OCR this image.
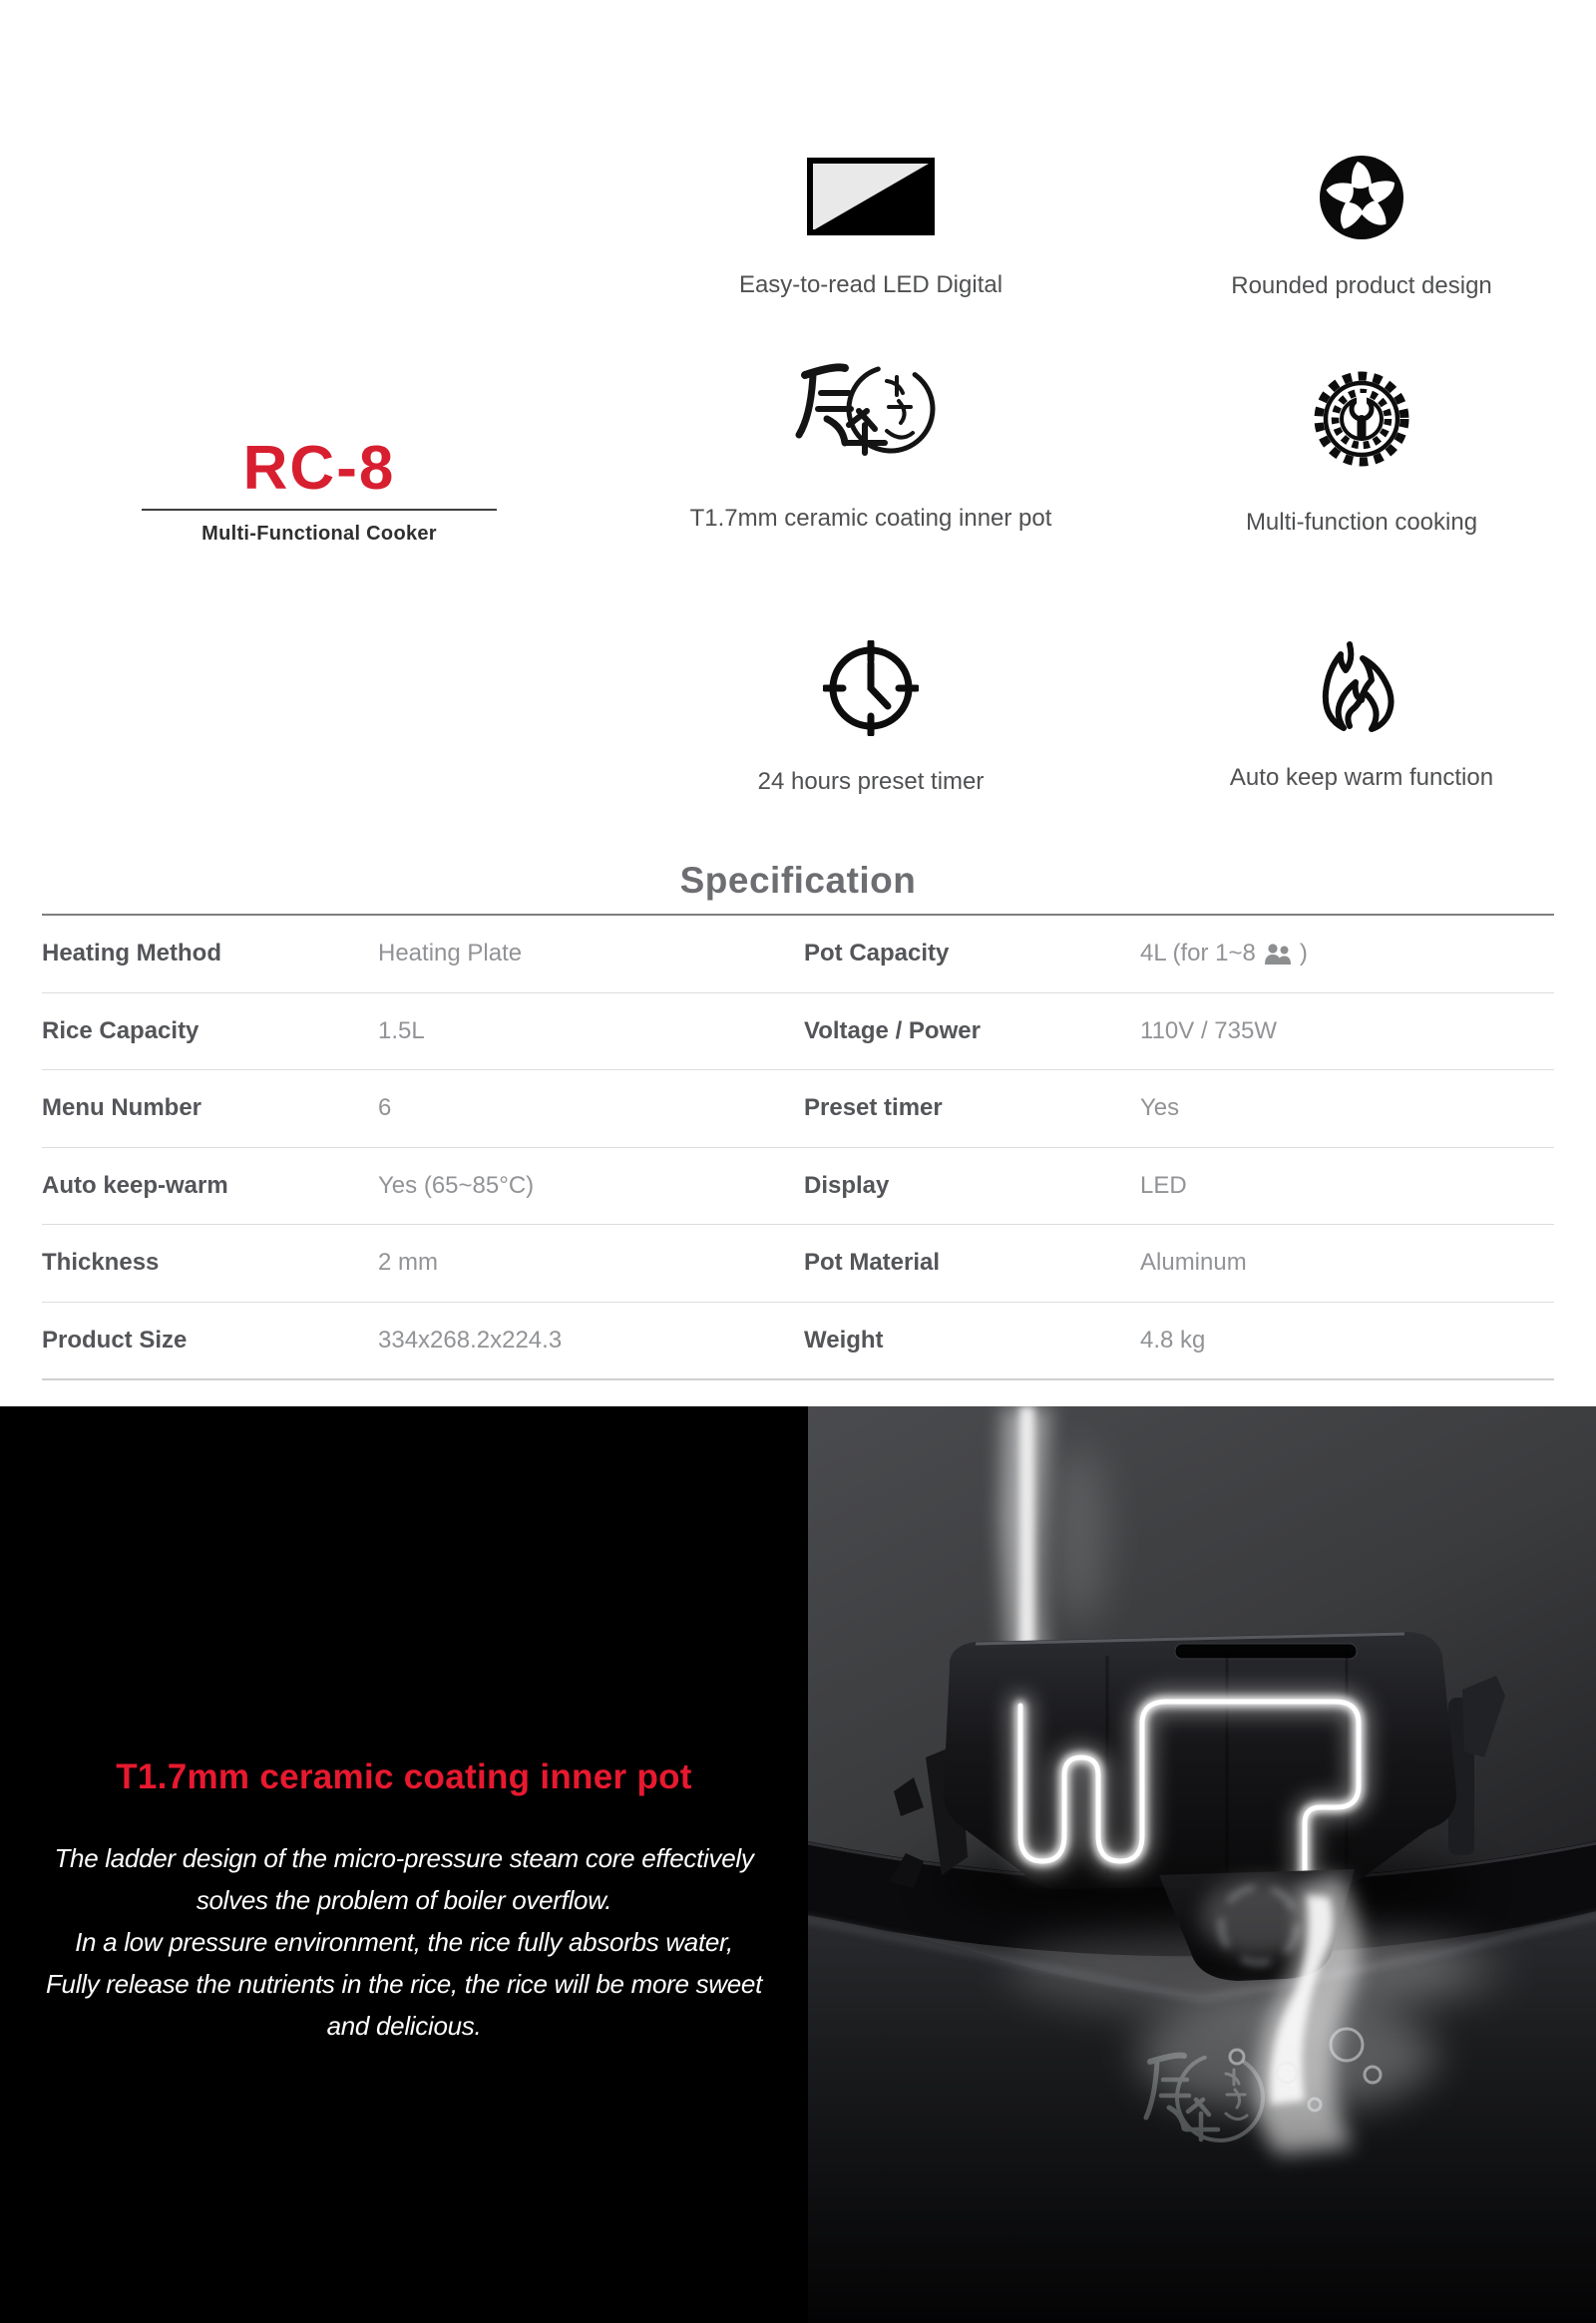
RC-8
Multi-Functional Cooker
Easy-to-read LED Digital	Rounded product design
T1.7mm ceramic coating inner pot	Multi-function cooking
24 hours preset timer	Auto keep warm function
Specification
Heating Method	Heating Plate	Pot Capacity	4L (for 1~8 )
Rice Capacity	1.5L	Voltage / Power	110V / 735W
Menu Number	6	Preset timer	Yes
Auto keep-warm	Yes (65~85°C)	Display	LED
Thickness	2 mm	Pot Material	Aluminum
Product Size	334x268.2x224.3	Weight	4.8 kg
T1.7mm ceramic coating inner pot
The ladder design of the micro-pressure steam core effectively
solves the problem of boiler overflow.
In a low pressure environment, the rice fully absorbs water,
Fully release the nutrients in the rice, the rice will be more sweet
and delicious.
